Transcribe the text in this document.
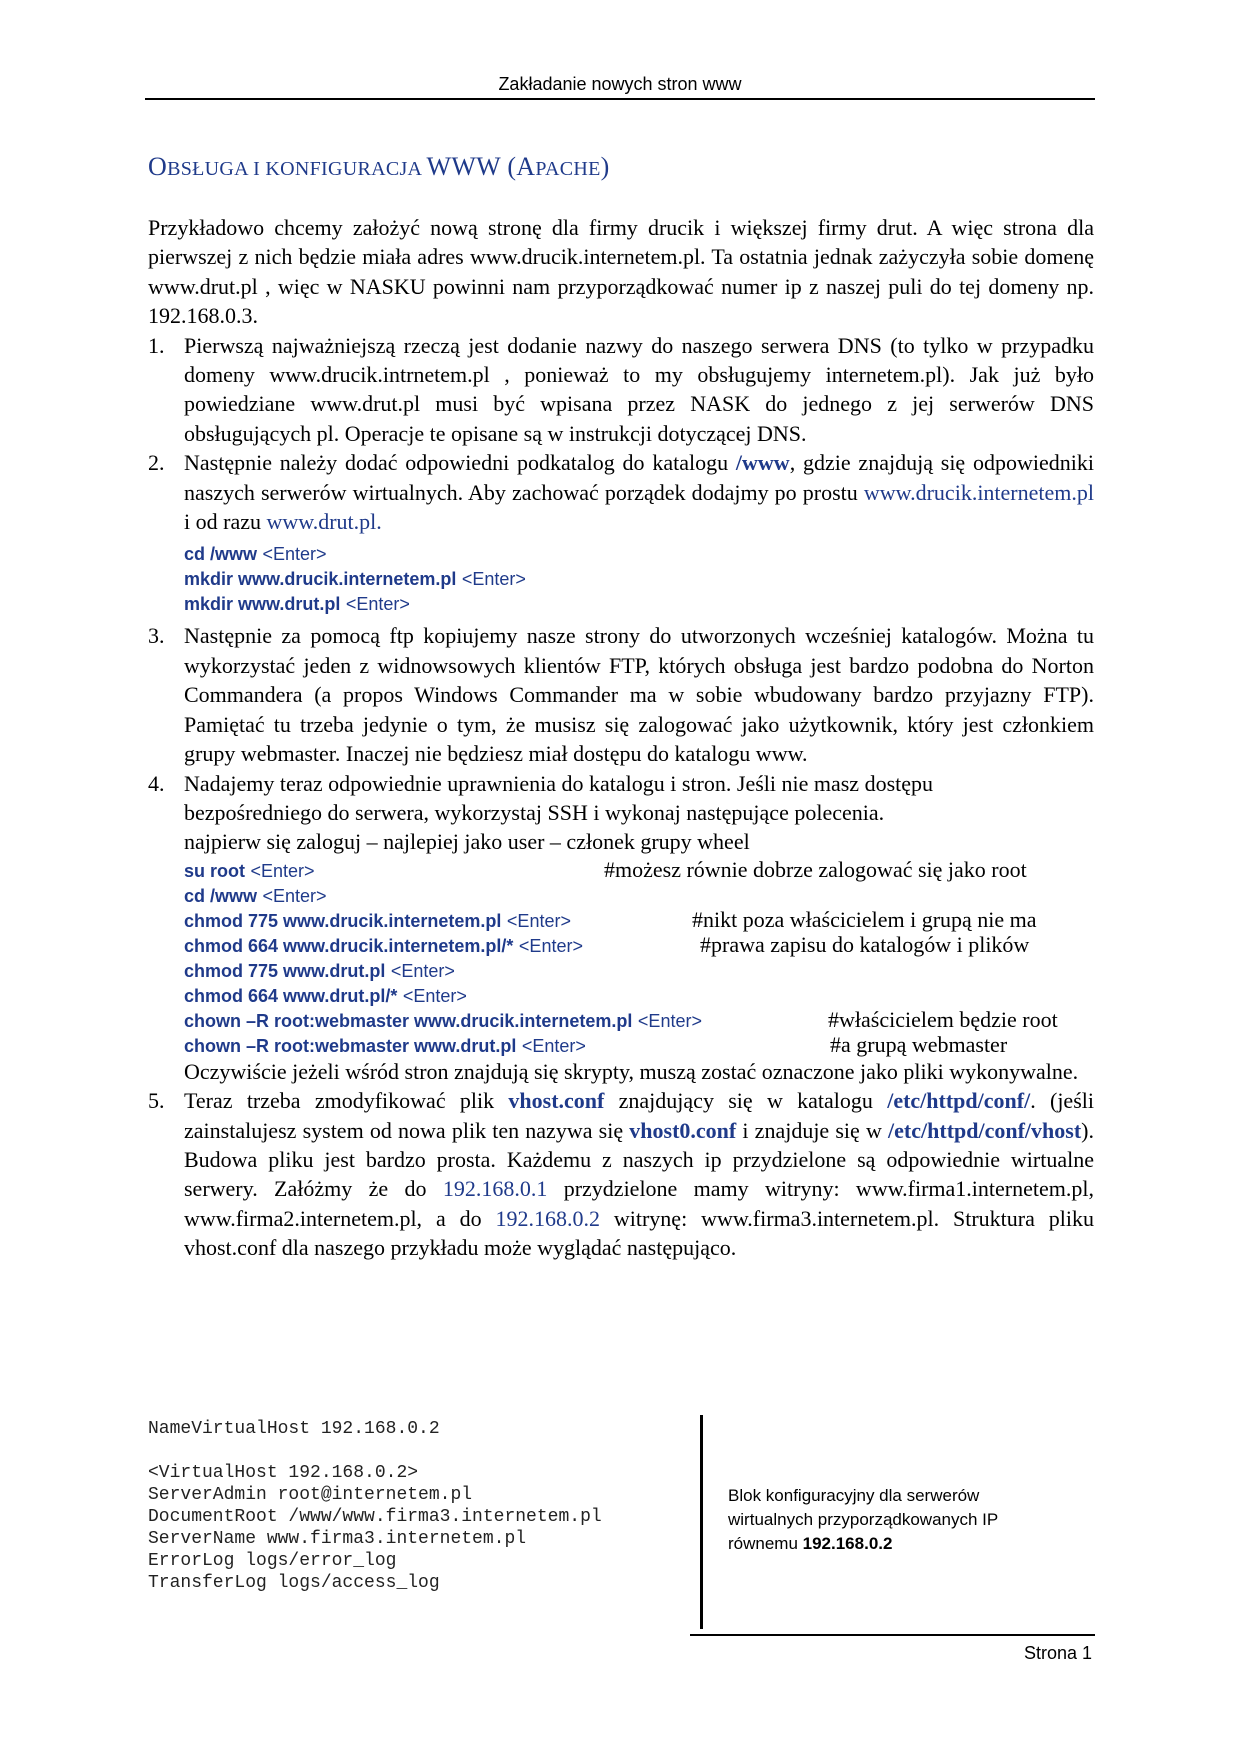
Zakładanie nowych stron www
OBSŁUGA I KONFIGURACJA WWW (APACHE)

Przykładowo chcemy założyć nową stronę dla firmy drucik i większej firmy drut. A więc strona dla pierwszej z nich będzie miała adres www.drucik.internetem.pl. Ta ostatnia jednak zażyczyła sobie domenę www.drut.pl , więc w NASKU powinni nam przyporządkować numer ip z naszej puli do tej domeny np. 192.168.0.3.

1. Pierwszą najważniejszą rzeczą jest dodanie nazwy do naszego serwera DNS (to tylko w przypadku domeny www.drucik.intrnetem.pl , ponieważ to my obsługujemy internetem.pl). Jak już było powiedziane www.drut.pl musi być wpisana przez NASK do jednego z jej serwerów DNS obsługujących pl. Operacje te opisane są w instrukcji dotyczącej DNS.
2. Następnie należy dodać odpowiedni podkatalog do katalogu /www, gdzie znajdują się odpowiedniki naszych serwerów wirtualnych. Aby zachować porządek dodajmy po prostu www.drucik.internetem.pl i od razu www.drut.pl.
cd /www <Enter>
mkdir www.drucik.internetem.pl <Enter>
mkdir www.drut.pl <Enter>
3. Następnie za pomocą ftp kopiujemy nasze strony do utworzonych wcześniej katalogów. Można tu wykorzystać jeden z widnowsowych klientów FTP, których obsługa jest bardzo podobna do Norton Commandera (a propos Windows Commander ma w sobie wbudowany bardzo przyjazny FTP). Pamiętać tu trzeba jedynie o tym, że musisz się zalogować jako użytkownik, który jest członkiem grupy webmaster. Inaczej nie będziesz miał dostępu do katalogu www.
4. Nadajemy teraz odpowiednie uprawnienia do katalogu i stron. Jeśli nie masz dostępu
bezpośredniego do serwera, wykorzystaj SSH i wykonaj następujące polecenia.
najpierw się zaloguj – najlepiej jako user – członek grupy wheel
su root <Enter>	#możesz równie dobrze zalogować się jako root
cd /www <Enter>
chmod 775 www.drucik.internetem.pl <Enter>	#nikt poza właścicielem i grupą nie ma
chmod 664 www.drucik.internetem.pl/* <Enter>	#prawa zapisu do katalogów i plików
chmod 775 www.drut.pl <Enter>
chmod 664 www.drut.pl/* <Enter>
chown –R root:webmaster www.drucik.internetem.pl <Enter>	#właścicielem będzie root
chown –R root:webmaster www.drut.pl <Enter>	#a grupą webmaster
Oczywiście jeżeli wśród stron znajdują się skrypty, muszą zostać oznaczone jako pliki wykonywalne.
5. Teraz trzeba zmodyfikować plik vhost.conf znajdujący się w katalogu /etc/httpd/conf/. (jeśli zainstalujesz system od nowa plik ten nazywa się vhost0.conf i znajduje się w /etc/httpd/conf/vhost). Budowa pliku jest bardzo prosta. Każdemu z naszych ip przydzielone są odpowiednie wirtualne serwery. Załóżmy że do 192.168.0.1 przydzielone mamy witryny: www.firma1.internetem.pl, www.firma2.internetem.pl, a do 192.168.0.2 witrynę: www.firma3.internetem.pl. Struktura pliku vhost.conf dla naszego przykładu może wyglądać następująco.
NameVirtualHost 192.168.0.2
<VirtualHost 192.168.0.2>
ServerAdmin root@internetem.pl
DocumentRoot /www/www.firma3.internetem.pl
ServerName www.firma3.internetem.pl
ErrorLog logs/error_log
TransferLog logs/access_log
Blok konfiguracyjny dla serwerów wirtualnych przyporządkowanych IP równemu 192.168.0.2
Strona 1
